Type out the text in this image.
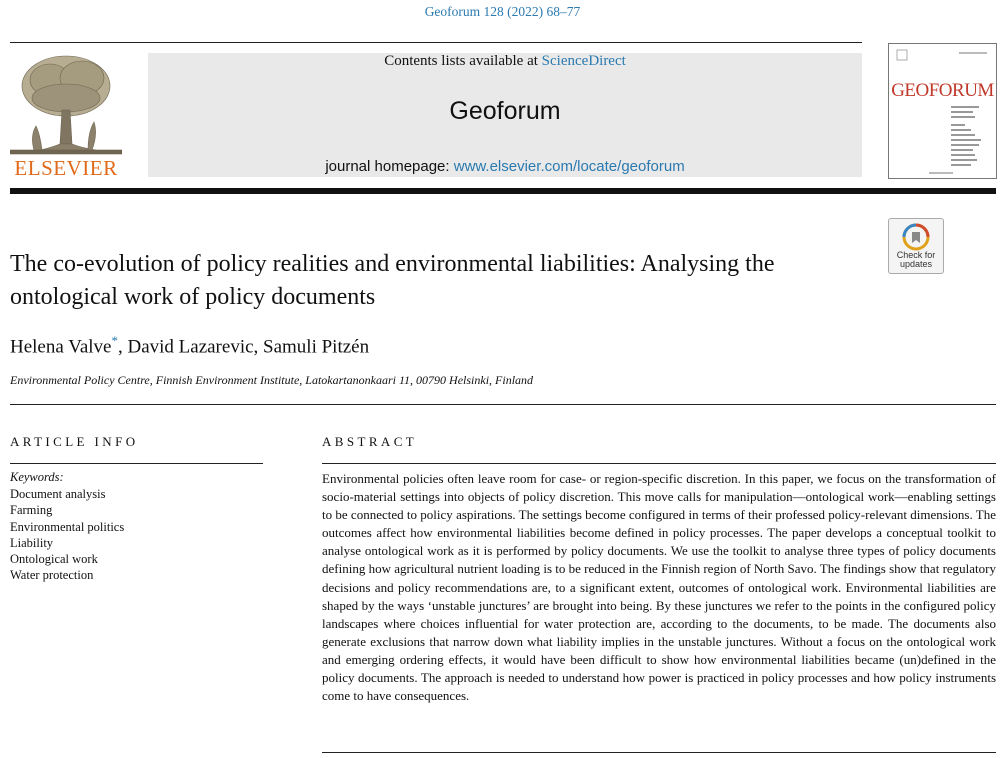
Geoforum 128 (2022) 68–77
ELSEVIER
Contents lists available at ScienceDirect
Geoforum
journal homepage: www.elsevier.com/locate/geoforum
GEOFORUM
Check for updates
The co-evolution of policy realities and environmental liabilities: Analysing the ontological work of policy documents
Helena Valve*, David Lazarevic, Samuli Pitzén
Environmental Policy Centre, Finnish Environment Institute, Latokartanonkaari 11, 00790 Helsinki, Finland
ARTICLE INFO	ABSTRACT
Keywords:
Document analysis
Farming
Environmental politics
Liability
Ontological work
Water protection

Environmental policies often leave room for case- or region-specific discretion. In this paper, we focus on the transformation of socio-material settings into objects of policy discretion. This move calls for manipulation—ontological work—enabling settings to be connected to policy aspirations. The settings become configured in terms of their professed policy-relevant dimensions. The outcomes affect how environmental liabilities become defined in policy processes. The paper develops a conceptual toolkit to analyse ontological work as it is performed by policy documents. We use the toolkit to analyse three types of policy documents defining how agricultural nutrient loading is to be reduced in the Finnish region of North Savo. The findings show that regulatory decisions and policy recommendations are, to a significant extent, outcomes of ontological work. Environmental liabilities are shaped by the ways ‘unstable junctures’ are brought into being. By these junctures we refer to the points in the configured policy landscapes where choices influential for water protection are, according to the documents, to be made. The documents also generate exclusions that narrow down what liability implies in the unstable junctures. Without a focus on the ontological work and emerging ordering effects, it would have been difficult to show how environmental liabilities became (un)defined in the policy documents. The approach is needed to understand how power is practiced in policy processes and how policy instruments come to have consequences.
